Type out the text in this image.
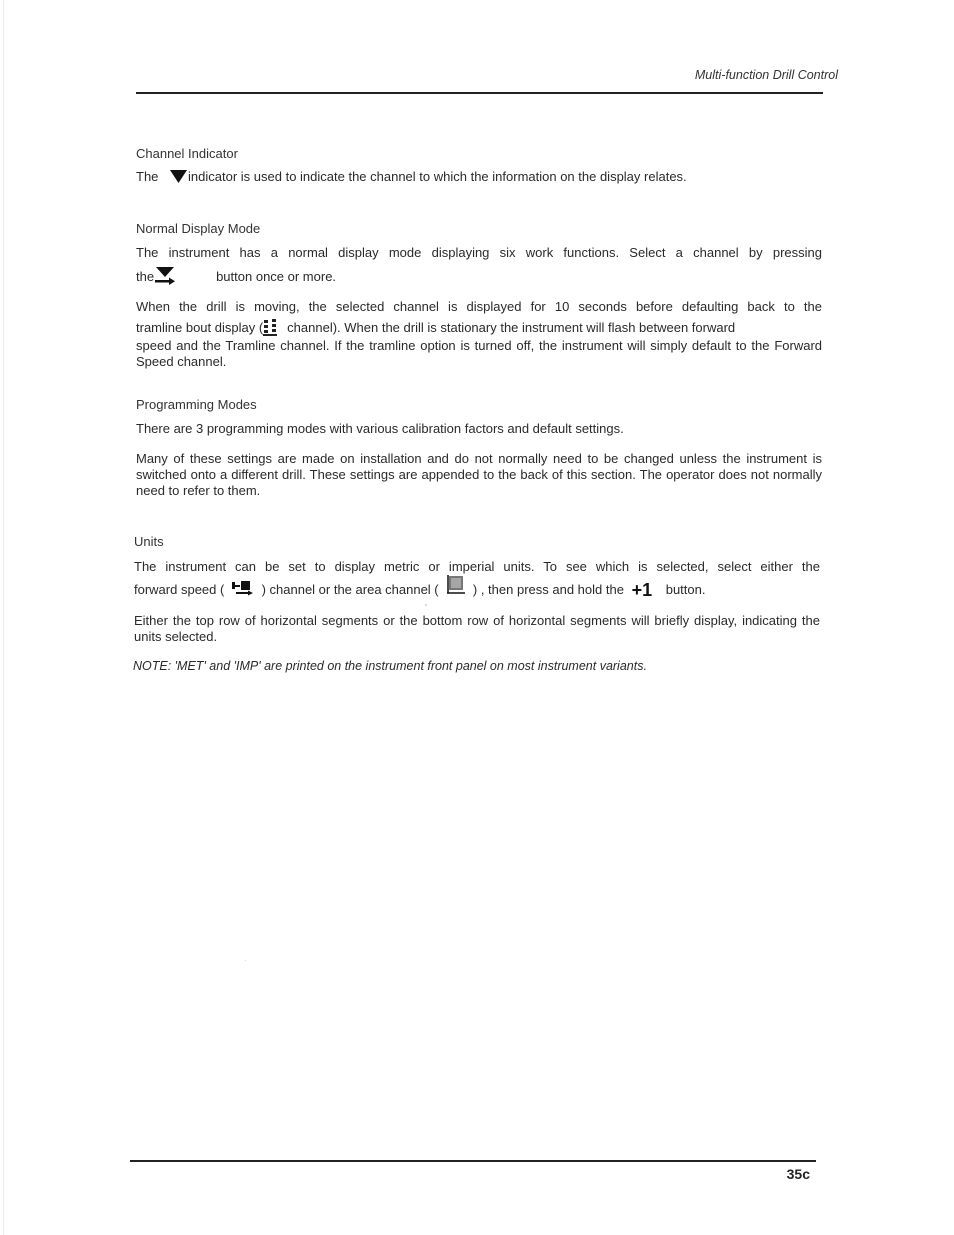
Multi-function Drill Control
Channel Indicator
The indicator is used to indicate the channel to which the information on the display relates.
Normal Display Mode
The instrument has a normal display mode displaying six work functions. Select a channel by pressing
the	button once or more.
When the drill is moving, the selected channel is displayed for 10 seconds before defaulting back to the
tramline bout display ( channel). When the drill is stationary the instrument will flash between forward
speed and the Tramline channel. If the tramline option is turned off, the instrument will simply default to the Forward Speed channel.
Programming Modes
There are 3 programming modes with various calibration factors and default settings.
Many of these settings are made on installation and do not normally need to be changed unless the instrument is switched onto a different drill. These settings are appended to the back of this section. The operator does not normally need to refer to them.
Units
The instrument can be set to display metric or imperial units. To see which is selected, select either the
forward speed (	) channel or the area channel (	) , then press and hold the +1 button.
Either the top row of horizontal segments or the bottom row of horizontal segments will briefly display, indicating the units selected.
NOTE: 'MET' and 'IMP' are printed on the instrument front panel on most instrument variants.
35c
